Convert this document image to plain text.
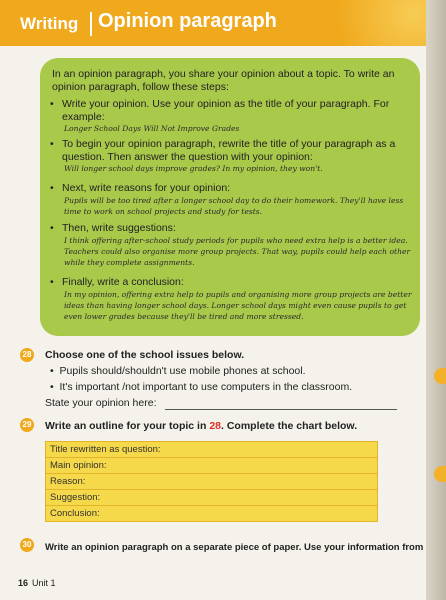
Writing Opinion paragraph
In an opinion paragraph, you share your opinion about a topic. To write an opinion paragraph, follow these steps:
• Write your opinion. Use your opinion as the title of your paragraph. For example:
Longer School Days Will Not Improve Grades
• To begin your opinion paragraph, rewrite the title of your paragraph as a question. Then answer the question with your opinion:
Will longer school days improve grades? In my opinion, they won't.
• Next, write reasons for your opinion:
Pupils will be too tired after a longer school day to do their homework. They'll have less time to work on school projects and study for tests.
• Then, write suggestions:
I think offering after-school study periods for pupils who need extra help is a better idea. Teachers could also organise more group projects. That way, pupils could help each other while they complete assignments.
• Finally, write a conclusion:
In my opinion, offering extra help to pupils and organising more group projects are better ideas than having longer school days. Longer school days might even cause pupils to get even lower grades because they'll be tired and more stressed.
28 Choose one of the school issues below.
•  Pupils should/shouldn't use mobile phones at school.
•  It's important /not important to use computers in the classroom.
State your opinion here:
29 Write an outline for your topic in 28. Complete the chart below.
Title rewritten as question:
Main opinion:
Reason:
Suggestion:
Conclusion:
30 Write an opinion paragraph on a separate piece of paper. Use your information from
16 Unit 1
